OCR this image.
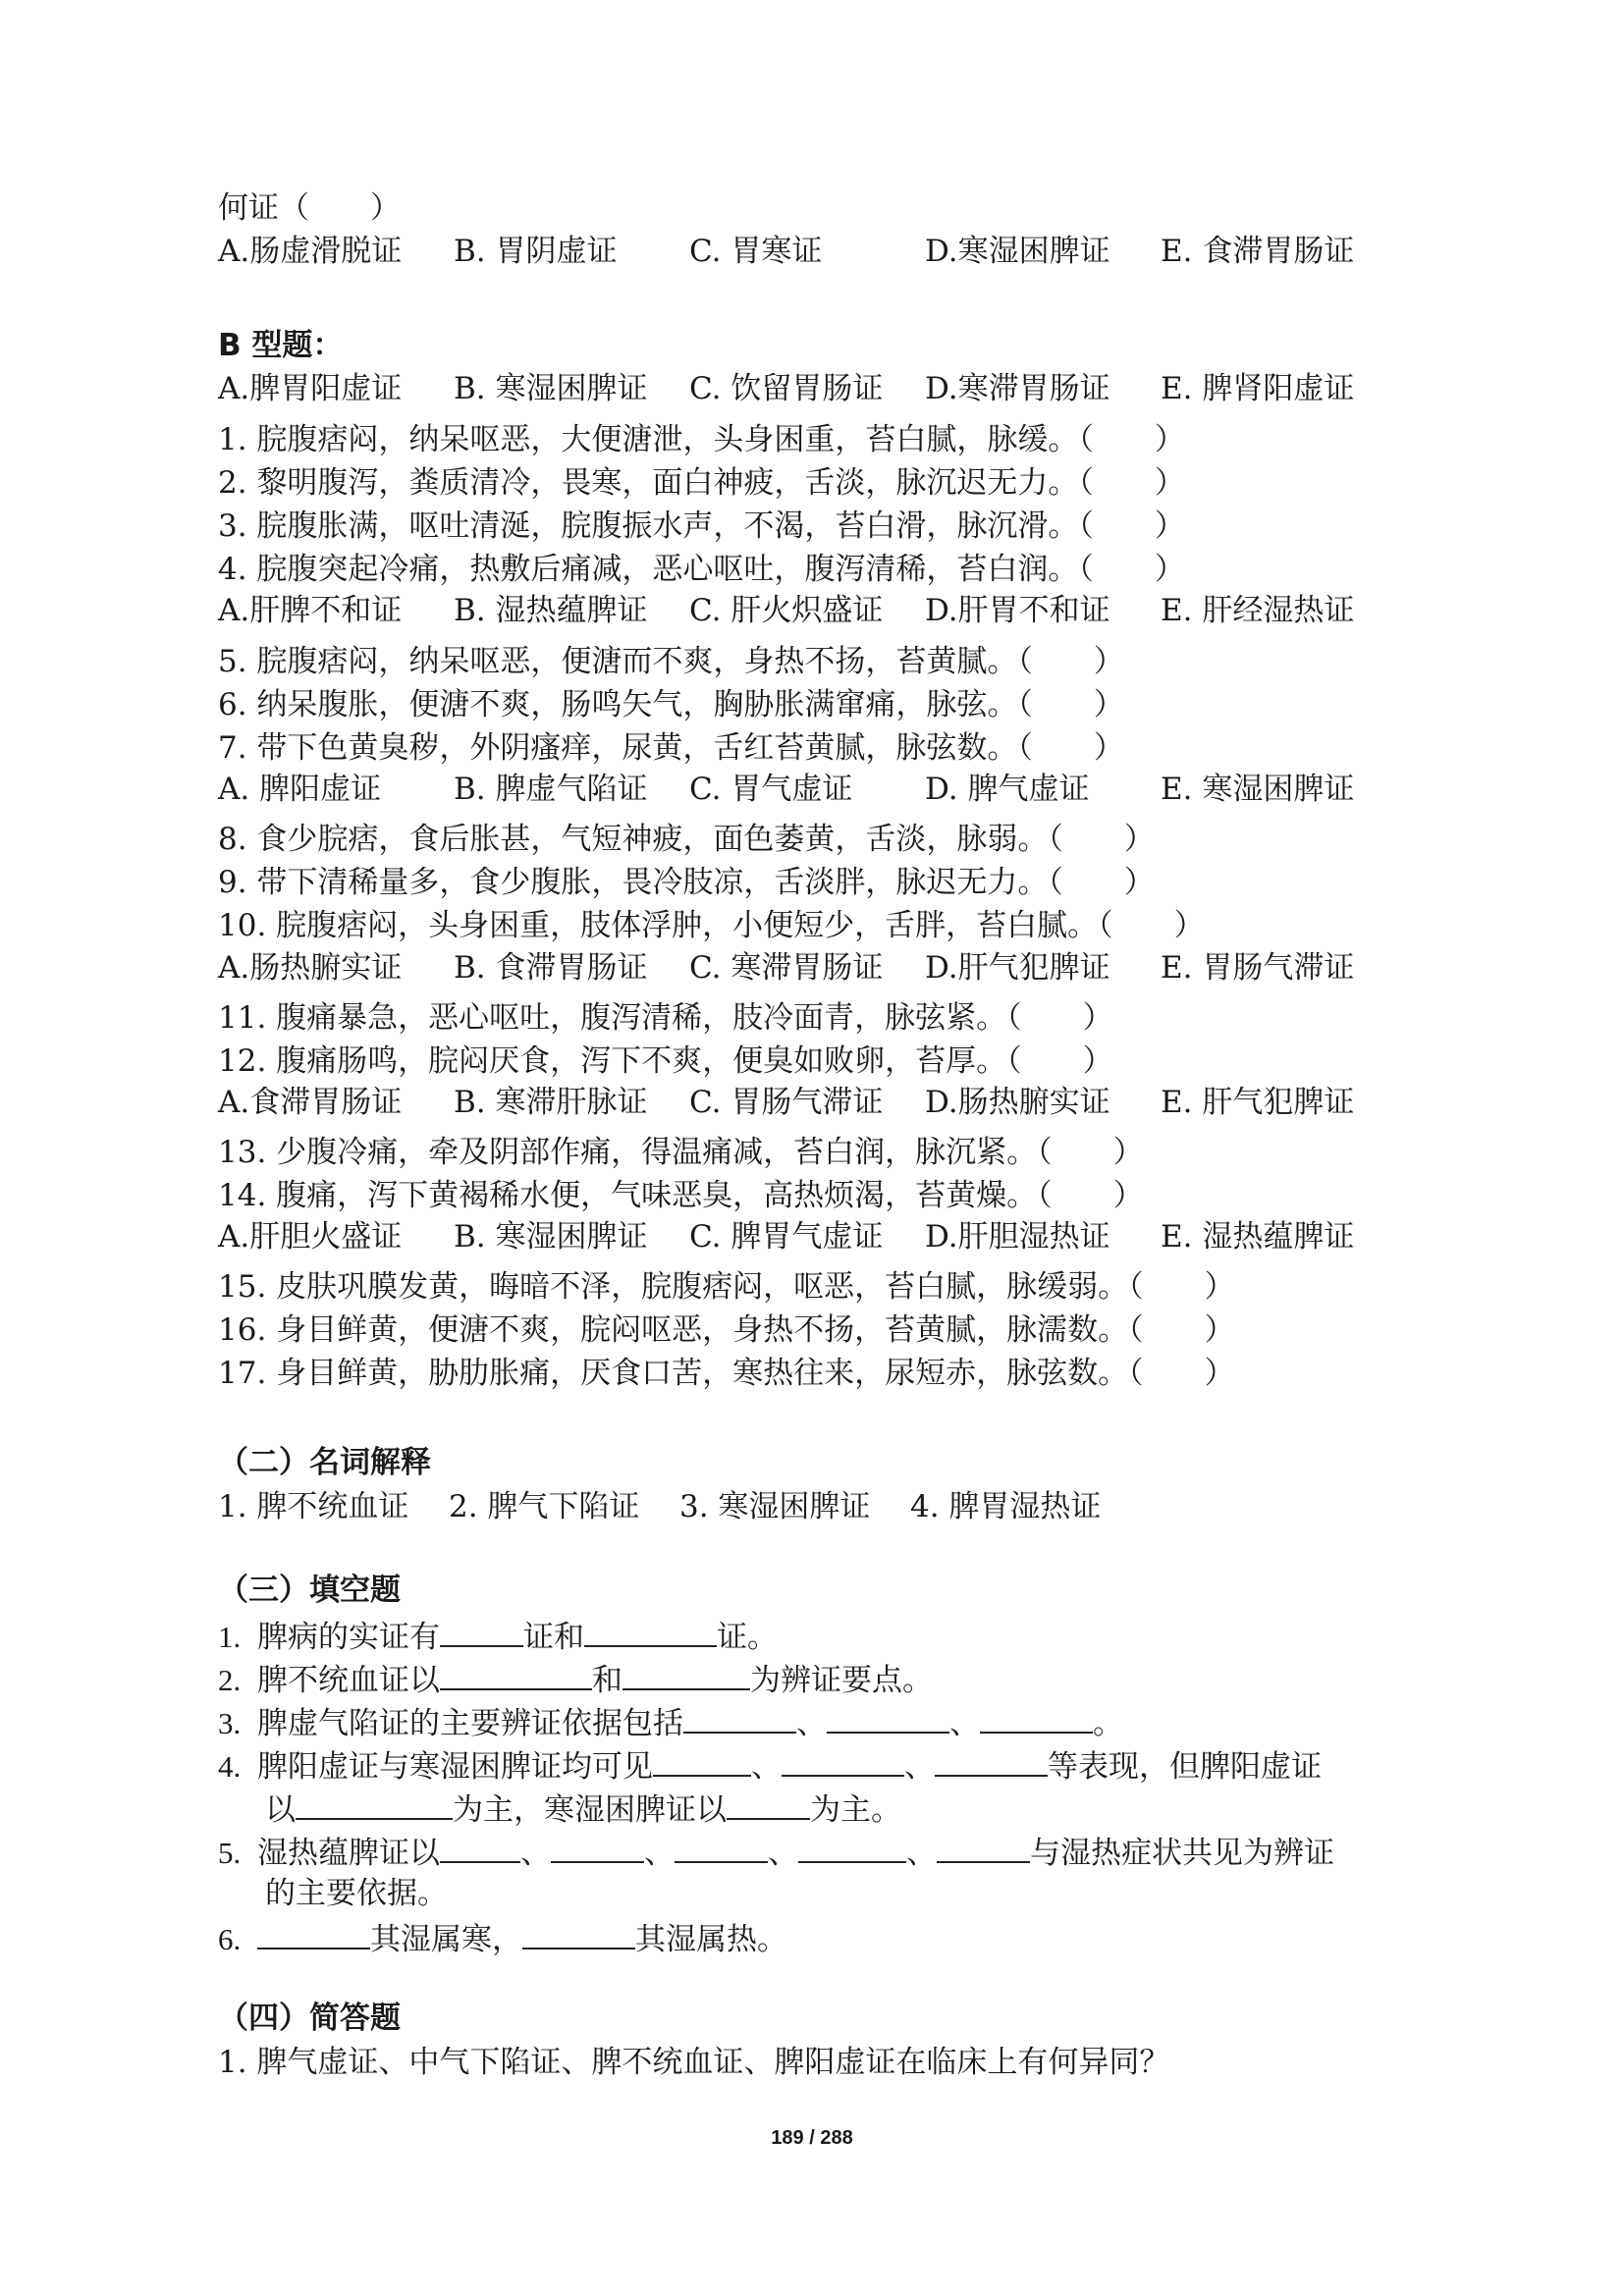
何证（　　）
A.肠虚滑脱证 B. 胃阴虚证 C. 胃寒证	D.寒湿困脾证 E. 食滞胃肠证
B 型题：
A.脾胃阳虚证 B. 寒湿困脾证 C. 饮留胃肠证 D.寒滞胃肠证 E. 脾肾阳虚证
1. 脘腹痞闷，纳呆呕恶，大便溏泄，头身困重，苔白腻，脉缓。（　　）
2. 黎明腹泻，粪质清冷，畏寒，面白神疲，舌淡，脉沉迟无力。（　　）
3. 脘腹胀满，呕吐清涎，脘腹振水声，不渴，苔白滑，脉沉滑。（　　）
4. 脘腹突起冷痛，热敷后痛减，恶心呕吐，腹泻清稀，苔白润。（　　）
A.肝脾不和证 B. 湿热蕴脾证 C. 肝火炽盛证 D.肝胃不和证 E. 肝经湿热证
5. 脘腹痞闷，纳呆呕恶，便溏而不爽，身热不扬，苔黄腻。（　　）
6. 纳呆腹胀，便溏不爽，肠鸣矢气，胸胁胀满窜痛，脉弦。（　　）
7. 带下色黄臭秽，外阴瘙痒，尿黄，舌红苔黄腻，脉弦数。（　　）
A. 脾阳虚证 B. 脾虚气陷证 C. 胃气虚证 D. 脾气虚证 E. 寒湿困脾证
8. 食少脘痞，食后胀甚，气短神疲，面色萎黄，舌淡，脉弱。（　　）
9. 带下清稀量多，食少腹胀，畏冷肢凉，舌淡胖，脉迟无力。（　　）
10. 脘腹痞闷，头身困重，肢体浮肿，小便短少，舌胖，苔白腻。（　　）
A.肠热腑实证 B. 食滞胃肠证 C. 寒滞胃肠证 D.肝气犯脾证 E. 胃肠气滞证
11. 腹痛暴急，恶心呕吐，腹泻清稀，肢冷面青，脉弦紧。（　　）
12. 腹痛肠鸣，脘闷厌食，泻下不爽，便臭如败卵，苔厚。（　　）
A.食滞胃肠证 B. 寒滞肝脉证 C. 胃肠气滞证 D.肠热腑实证 E. 肝气犯脾证
13. 少腹冷痛，牵及阴部作痛，得温痛减，苔白润，脉沉紧。（　　）
14. 腹痛，泻下黄褐稀水便，气味恶臭，高热烦渴，苔黄燥。（　　）
A.肝胆火盛证 B. 寒湿困脾证 C. 脾胃气虚证 D.肝胆湿热证 E. 湿热蕴脾证
15. 皮肤巩膜发黄，晦暗不泽，脘腹痞闷，呕恶，苔白腻，脉缓弱。（　　）
16. 身目鲜黄，便溏不爽，脘闷呕恶，身热不扬，苔黄腻，脉濡数。（　　）
17. 身目鲜黄，胁肋胀痛，厌食口苦，寒热往来，尿短赤，脉弦数。（　　）
（二）名词解释
1. 脾不统血证 2. 脾气下陷证 3. 寒湿困脾证 4. 脾胃湿热证
（三）填空题
1. 脾病的实证有	证和	证。
2. 脾不统血证以	和	为辨证要点。
3. 脾虚气陷证的主要辨证依据包括	、	、	。
4. 脾阳虚证与寒湿困脾证均可见	、	、	等表现，但脾阳虚证
以	为主，寒湿困脾证以	为主。
5. 湿热蕴脾证以	、	、	、	、	与湿热症状共见为辨证
的主要依据。
6.	其湿属寒，	其湿属热。
（四）简答题
1. 脾气虚证、中气下陷证、脾不统血证、脾阳虚证在临床上有何异同？
189 / 288
